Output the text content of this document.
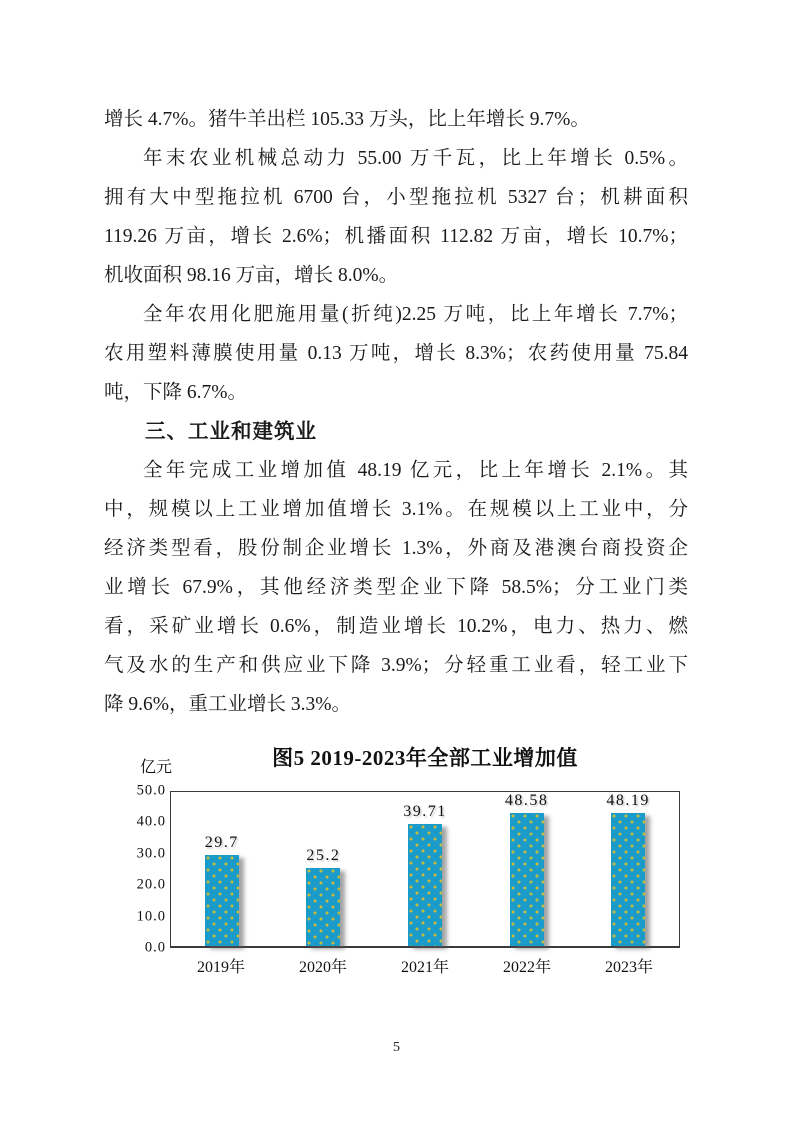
增长 4.7%。猪牛羊出栏 105.33 万头，比上年增长 9.7%。
年末农业机械总动力 55.00 万千瓦，比上年增长 0.5%。
拥有大中型拖拉机 6700 台，小型拖拉机 5327 台；机耕面积
119.26 万亩，增长 2.6%；机播面积 112.82 万亩，增长 10.7%；
机收面积 98.16 万亩，增长 8.0%。
全年农用化肥施用量(折纯)2.25 万吨，比上年增长 7.7%；
农用塑料薄膜使用量 0.13 万吨，增长 8.3%；农药使用量 75.84
吨，下降 6.7%。
三、工业和建筑业
全年完成工业增加值 48.19 亿元，比上年增长 2.1%。其
中，规模以上工业增加值增长 3.1%。在规模以上工业中，分
经济类型看，股份制企业增长 1.3%，外商及港澳台商投资企
业增长 67.9%，其他经济类型企业下降 58.5%；分工业门类
看，采矿业增长 0.6%，制造业增长 10.2%，电力、热力、燃
气及水的生产和供应业下降 3.9%；分轻重工业看，轻工业下
降 9.6%，重工业增长 3.3%。
图5 2019-2023年全部工业增加值
亿元
50.0
40.0
30.0
20.0
10.0
0.0
29.7
25.2
39.71
48.58	48.19
2019年	2020年	2021年	2022年	2023年
5
